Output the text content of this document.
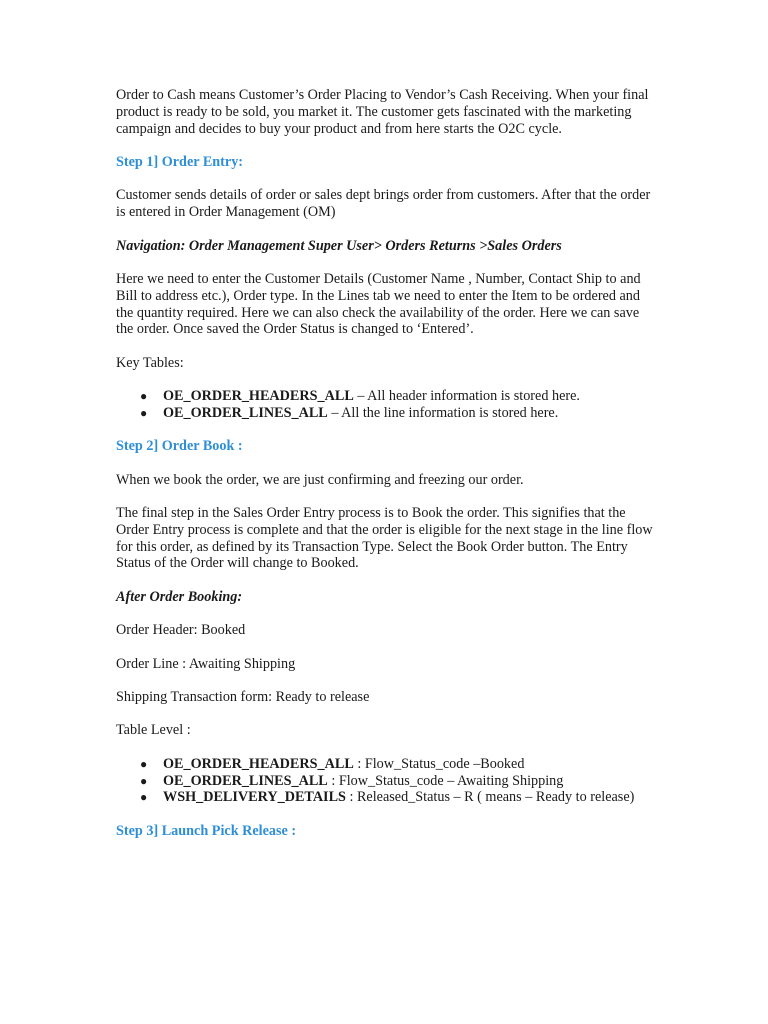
Order to Cash means Customer’s Order Placing to Vendor’s Cash Receiving. When your final product is ready to be sold, you market it. The customer gets fascinated with the marketing campaign and decides to buy your product and from here starts the O2C cycle.

Step 1] Order Entry:

Customer sends details of order or sales dept brings order from customers. After that the order is entered in Order Management (OM)

Navigation: Order Management Super User> Orders Returns >Sales Orders

Here we need to enter the Customer Details (Customer Name , Number, Contact Ship to and Bill to address etc.), Order type. In the Lines tab we need to enter the Item to be ordered and the quantity required. Here we can also check the availability of the order. Here we can save the order. Once saved the Order Status is changed to ‘Entered’.

Key Tables:

● OE_ORDER_HEADERS_ALL – All header information is stored here.
● OE_ORDER_LINES_ALL – All the line information is stored here.

Step 2] Order Book :

When we book the order, we are just confirming and freezing our order.

The final step in the Sales Order Entry process is to Book the order. This signifies that the Order Entry process is complete and that the order is eligible for the next stage in the line flow for this order, as defined by its Transaction Type. Select the Book Order button. The Entry Status of the Order will change to Booked.

After Order Booking:

Order Header: Booked

Order Line : Awaiting Shipping

Shipping Transaction form: Ready to release

Table Level :

● OE_ORDER_HEADERS_ALL : Flow_Status_code –Booked
● OE_ORDER_LINES_ALL : Flow_Status_code – Awaiting Shipping
● WSH_DELIVERY_DETAILS : Released_Status – R ( means – Ready to release)

Step 3] Launch Pick Release :
